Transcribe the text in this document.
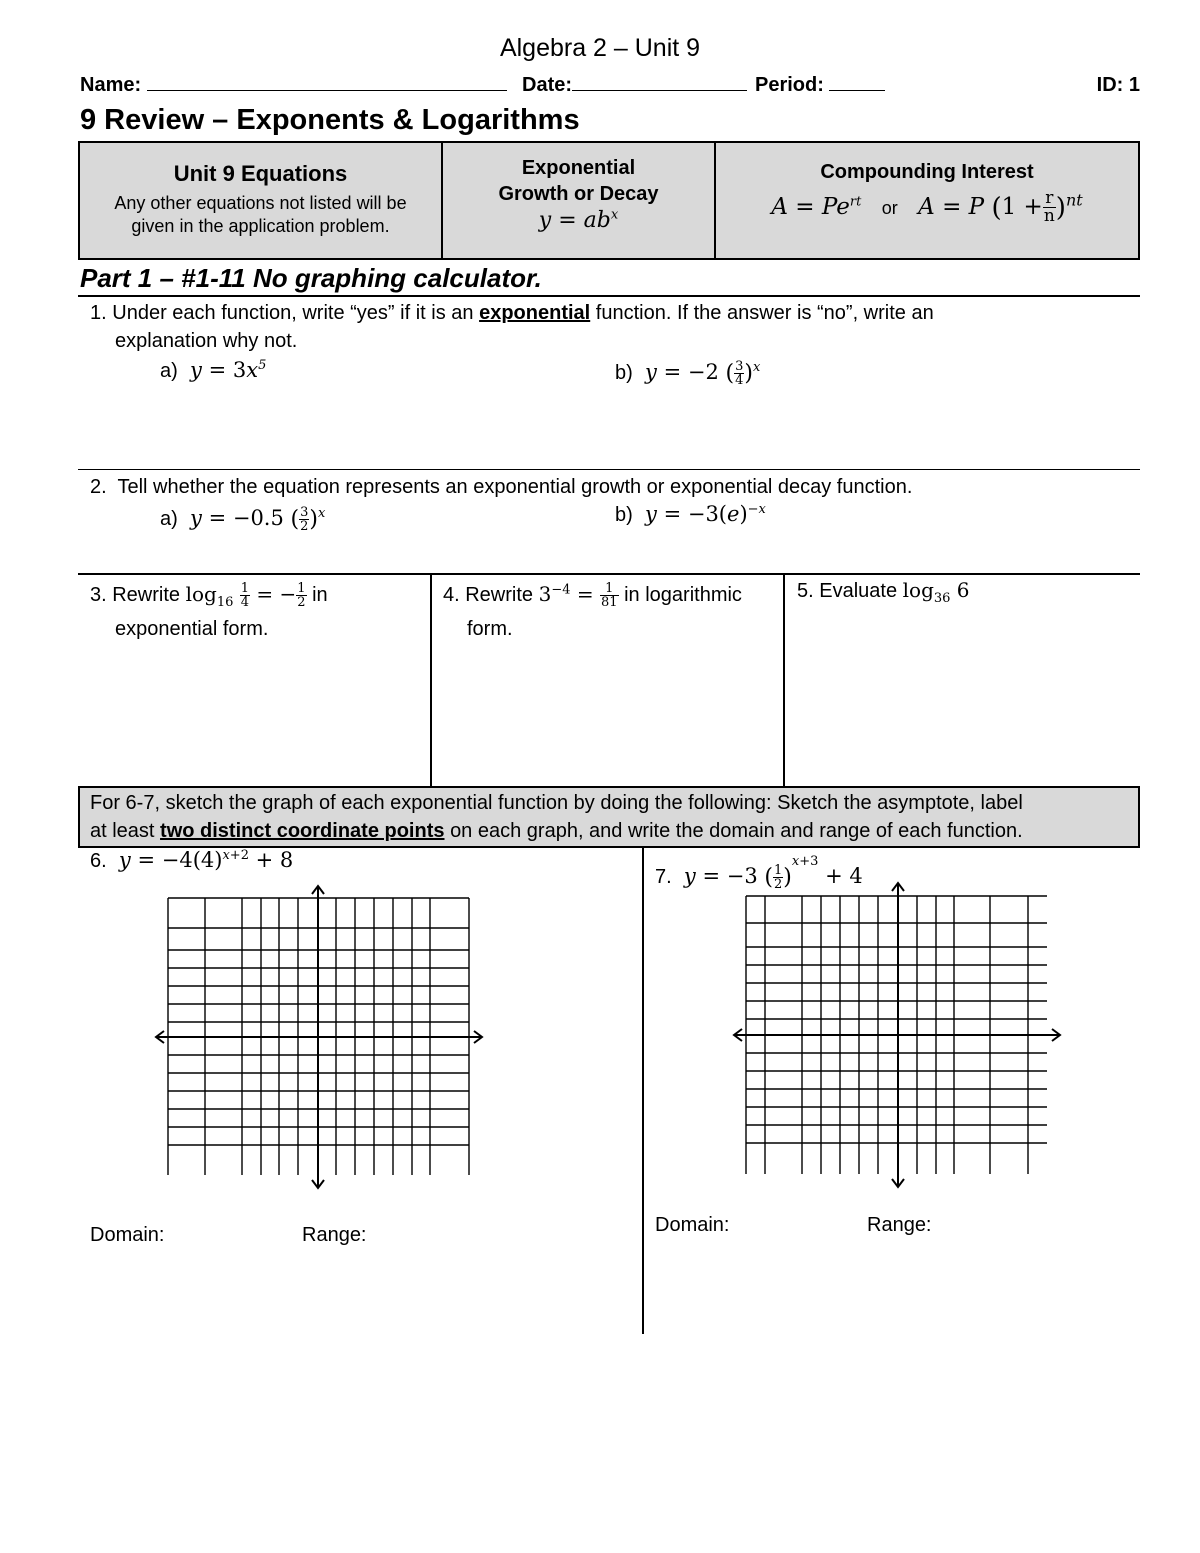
Algebra 2 – Unit 9
Name:	Date:	Period:	ID: 1
9 Review – Exponents & Logarithms
Unit 9 Equations
Any other equations not listed will be
given in the application problem.
Exponential
Growth or Decay
$y = ab^x$
Compounding Interest
$A = Pe^{rt}$ or A = P $(1 + \frac{r}{n} )^{nt}$
Part 1 – #1-11 No graphing calculator.
1. Under each function, write “yes” if it is an exponential function. If the answer is “no”, write an
explanation why not.
a)  $y = 3x^5$	b)  y = −2 ( $\frac{3}{4} )^x$
2. Tell whether the equation represents an exponential growth or exponential decay function.
a)  y = −0.5 ( $\frac{3}{2} )^x$	b)  $y = -3(e)^{-x}$
3. Rewrite $\log_{16} \frac{1}{4}$ = − $\frac{1}{2}$ in
exponential form.
4. Rewrite $3^{-4} = \frac{1}{81}$ in logarithmic
form.
5. Evaluate $\log_{36} 6$
For 6-7, sketch the graph of each exponential function by doing the following: Sketch the asymptote, label
at least two distinct coordinate points on each graph, and write the domain and range of each function.
6.  $y = -4(4)^{x+2} + 8$
Domain:	Range:
7.  y = −3 ( $\frac{1}{2} )^{x+3} + 4$
Domain:	Range:
